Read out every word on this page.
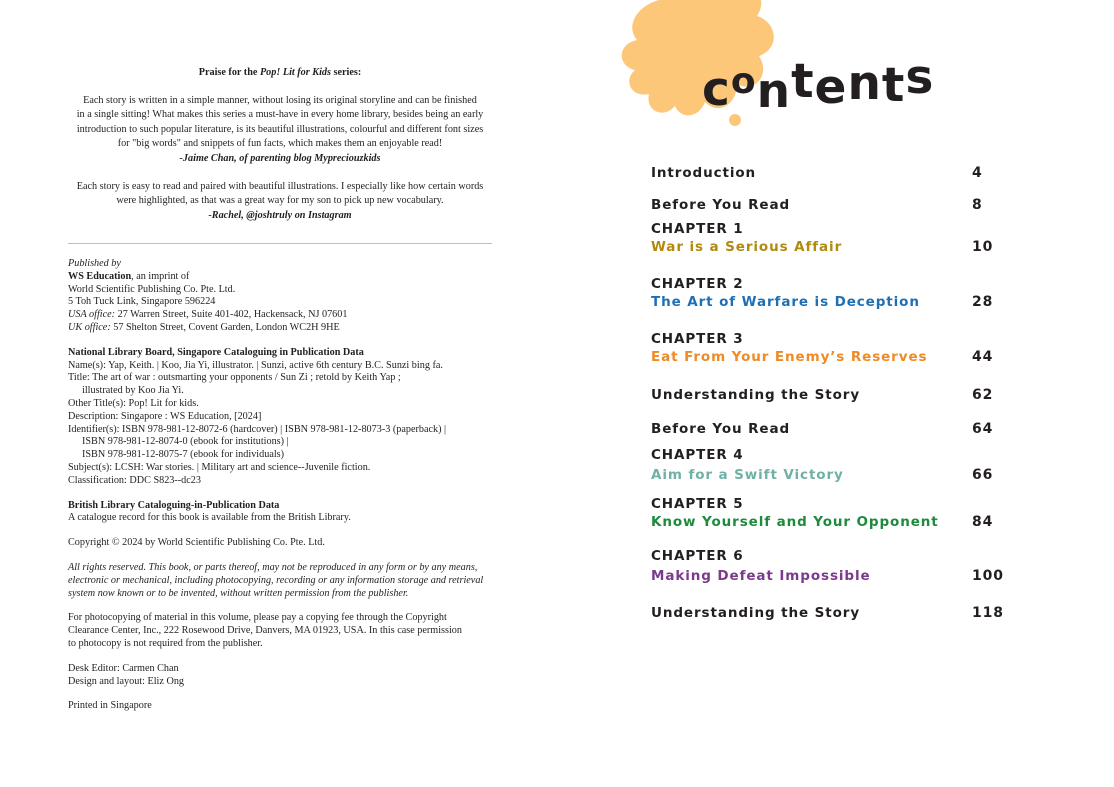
Praise for the Pop! Lit for Kids series:
Each story is written in a simple manner, without losing its original storyline and can be finished
in a single sitting! What makes this series a must-have in every home library, besides being an early
introduction to such popular literature, is its beautiful illustrations, colourful and different font sizes
for "big words" and snippets of fun facts, which makes them an enjoyable read!
-Jaime Chan, of parenting blog Mypreciouzkids
Each story is easy to read and paired with beautiful illustrations. I especially like how certain words
were highlighted, as that was a great way for my son to pick up new vocabulary.
-Rachel, @joshtruly on Instagram
Published by
WS Education, an imprint of
World Scientific Publishing Co. Pte. Ltd.
5 Toh Tuck Link, Singapore 596224
USA office: 27 Warren Street, Suite 401-402, Hackensack, NJ 07601
UK office: 57 Shelton Street, Covent Garden, London WC2H 9HE
National Library Board, Singapore Cataloguing in Publication Data
Name(s): Yap, Keith. | Koo, Jia Yi, illustrator. | Sunzi, active 6th century B.C. Sunzi bing fa.
Title: The art of war : outsmarting your opponents / Sun Zi ; retold by Keith Yap ;
illustrated by Koo Jia Yi.
Other Title(s): Pop! Lit for kids.
Description: Singapore : WS Education, [2024]
Identifier(s): ISBN 978-981-12-8072-6 (hardcover) | ISBN 978-981-12-8073-3 (paperback) |
ISBN 978-981-12-8074-0 (ebook for institutions) |
ISBN 978-981-12-8075-7 (ebook for individuals)
Subject(s): LCSH: War stories. | Military art and science--Juvenile fiction.
Classification: DDC S823--dc23
British Library Cataloguing-in-Publication Data
A catalogue record for this book is available from the British Library.
Copyright © 2024 by World Scientific Publishing Co. Pte. Ltd.
All rights reserved. This book, or parts thereof, may not be reproduced in any form or by any means,
electronic or mechanical, including photocopying, recording or any information storage and retrieval
system now known or to be invented, without written permission from the publisher.
For photocopying of material in this volume, please pay a copying fee through the Copyright
Clearance Center, Inc., 222 Rosewood Drive, Danvers, MA 01923, USA. In this case permission
to photocopy is not required from the publisher.
Desk Editor: Carmen Chan
Design and layout: Eliz Ong
Printed in Singapore
contents
Introduction	4
Before You Read	8
CHAPTER 1
War is a Serious Affair	10
CHAPTER 2
The Art of Warfare is Deception	28
CHAPTER 3
Eat From Your Enemy’s Reserves	44
Understanding the Story	62
Before You Read	64
CHAPTER 4
Aim for a Swift Victory	66
CHAPTER 5
Know Yourself and Your Opponent 84
CHAPTER 6
Making Defeat Impossible	100
Understanding the Story	118
